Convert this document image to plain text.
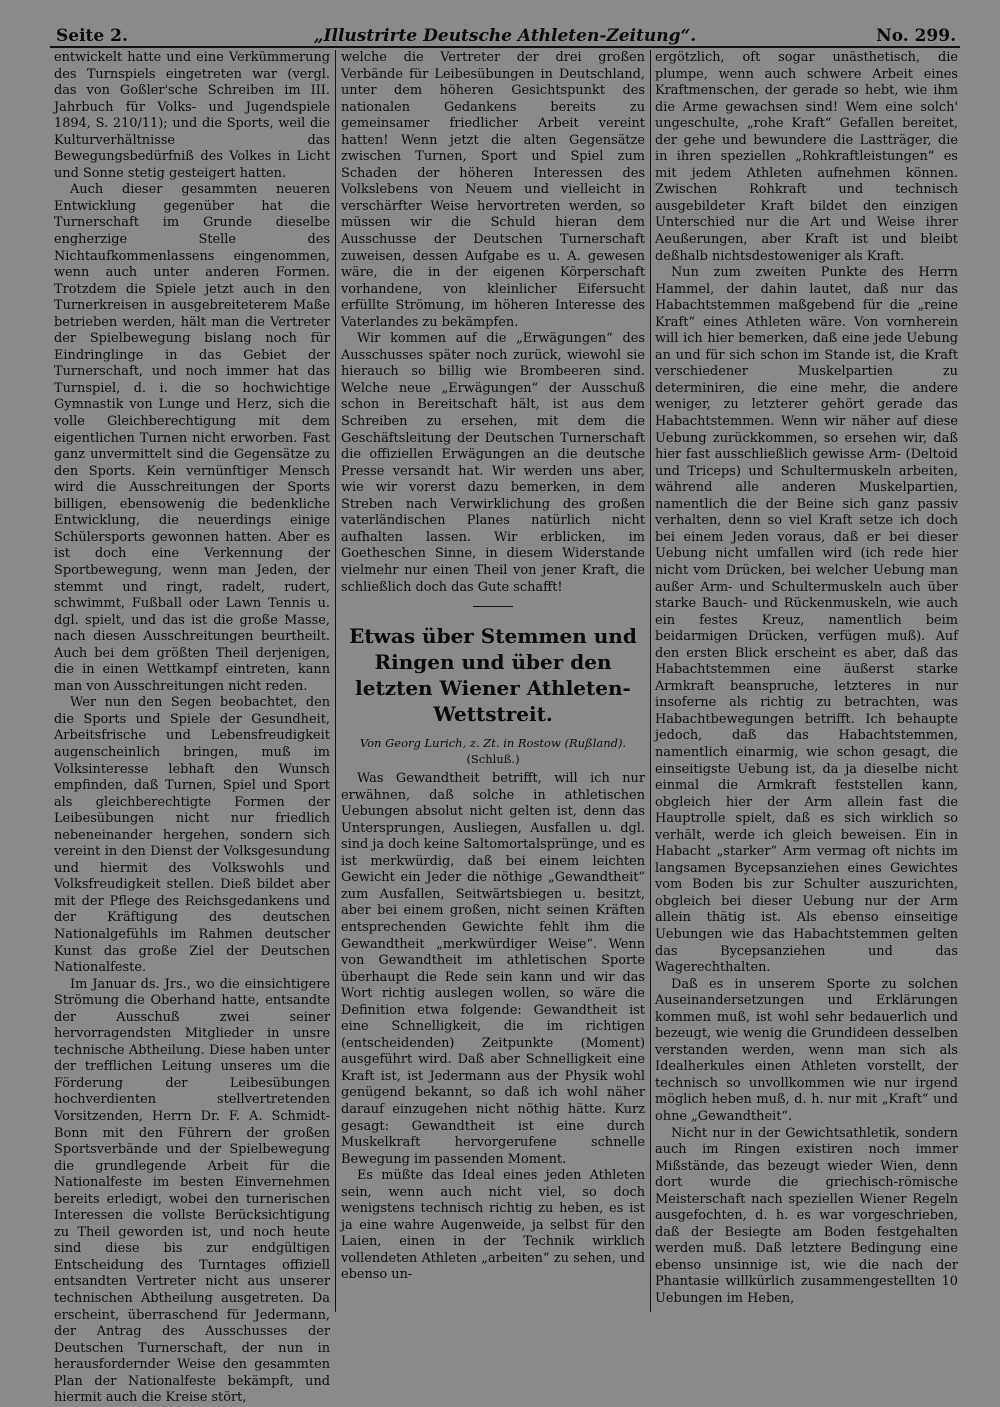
Seite 2.	„Illustrirte Deutsche Athleten-Zeitung“.	No. 299.

entwickelt hatte und eine Verkümmerung des Turnspiels eingetreten war (vergl. das von Goßler'sche Schreiben im III. Jahrbuch für Volks- und Jugendspiele 1894, S. 210/11); und die Sports, weil die Kulturverhältnisse das Bewegungsbedürfniß des Volkes in Licht und Sonne stetig gesteigert hatten.

Auch dieser gesammten neueren Entwicklung gegenüber hat die Turnerschaft im Grunde dieselbe engherzige Stelle des Nichtaufkommenlassens eingenommen, wenn auch unter anderen Formen. Trotzdem die Spiele jetzt auch in den Turnerkreisen in ausgebreiteterem Maße betrieben werden, hält man die Vertreter der Spielbewegung bislang noch für Eindringlinge in das Gebiet der Turnerschaft, und noch immer hat das Turnspiel, d. i. die so hochwichtige Gymnastik von Lunge und Herz, sich die volle Gleichberechtigung mit dem eigentlichen Turnen nicht erworben. Fast ganz unvermittelt sind die Gegensätze zu den Sports. Kein vernünftiger Mensch wird die Ausschreitungen der Sports billigen, ebensowenig die bedenkliche Entwicklung, die neuerdings einige Schülersports gewonnen hatten. Aber es ist doch eine Verkennung der Sportbewegung, wenn man Jeden, der stemmt und ringt, radelt, rudert, schwimmt, Fußball oder Lawn Tennis u. dgl. spielt, und das ist die große Masse, nach diesen Ausschreitungen beurtheilt. Auch bei dem größten Theil derjenigen, die in einen Wettkampf eintreten, kann man von Ausschreitungen nicht reden.

Wer nun den Segen beobachtet, den die Sports und Spiele der Gesundheit, Arbeitsfrische und Lebensfreudigkeit augenscheinlich bringen, muß im Volksinteresse lebhaft den Wunsch empfinden, daß Turnen, Spiel und Sport als gleichberechtigte Formen der Leibesübungen nicht nur friedlich nebeneinander hergehen, sondern sich vereint in den Dienst der Volksgesundung und hiermit des Volkswohls und Volksfreudigkeit stellen. Dieß bildet aber mit der Pflege des Reichsgedankens und der Kräftigung des deutschen Nationalgefühls im Rahmen deutscher Kunst das große Ziel der Deutschen Nationalfeste.

Im Januar ds. Jrs., wo die einsichtigere Strömung die Oberhand hatte, entsandte der Ausschuß zwei seiner hervorragendsten Mitglieder in unsre technische Abtheilung. Diese haben unter der trefflichen Leitung unseres um die Förderung der Leibesübungen hochverdienten stellvertretenden Vorsitzenden, Herrn Dr. F. A. Schmidt-Bonn mit den Führern der großen Sportsverbände und der Spielbewegung die grundlegende Arbeit für die Nationalfeste im besten Einvernehmen bereits erledigt, wobei den turnerischen Interessen die vollste Berücksichtigung zu Theil geworden ist, und noch heute sind diese bis zur endgültigen Entscheidung des Turntages offiziell entsandten Vertreter nicht aus unserer technischen Abtheilung ausgetreten. Da erscheint, überraschend für Jedermann, der Antrag des Ausschusses der Deutschen Turnerschaft, der nun in herausfordernder Weise den gesammten Plan der Nationalfeste bekämpft, und hiermit auch die Kreise stört,

welche die Vertreter der drei großen Verbände für Leibesübungen in Deutschland, unter dem höheren Gesichtspunkt des nationalen Gedankens bereits zu gemeinsamer friedlicher Arbeit vereint hatten! Wenn jetzt die alten Gegensätze zwischen Turnen, Sport und Spiel zum Schaden der höheren Interessen des Volkslebens von Neuem und vielleicht in verschärfter Weise hervortreten werden, so müssen wir die Schuld hieran dem Ausschusse der Deutschen Turnerschaft zuweisen, dessen Aufgabe es u. A. gewesen wäre, die in der eigenen Körperschaft vorhandene, von kleinlicher Eifersucht erfüllte Strömung, im höheren Interesse des Vaterlandes zu bekämpfen.

Wir kommen auf die „Erwägungen“ des Ausschusses später noch zurück, wiewohl sie hierauch so billig wie Brombeeren sind. Welche neue „Erwägungen“ der Ausschuß schon in Bereitschaft hält, ist aus dem Schreiben zu ersehen, mit dem die Geschäftsleitung der Deutschen Turnerschaft die offiziellen Erwägungen an die deutsche Presse versandt hat. Wir werden uns aber, wie wir vorerst dazu bemerken, in dem Streben nach Verwirklichung des großen vaterländischen Planes natürlich nicht aufhalten lassen. Wir erblicken, im Goetheschen Sinne, in diesem Widerstande vielmehr nur einen Theil von jener Kraft, die schließlich doch das Gute schafft!

Etwas über Stemmen und Ringen und über den letzten Wiener Athleten-Wettstreit.
Von Georg Lurich, z. Zt. in Rostow (Rußland).
(Schluß.)

Was Gewandtheit betrifft, will ich nur erwähnen, daß solche in athletischen Uebungen absolut nicht gelten ist, denn das Untersprungen, Ausliegen, Ausfallen u. dgl. sind ja doch keine Saltomortalsprünge, und es ist merkwürdig, daß bei einem leichten Gewicht ein Jeder die nöthige „Gewandtheit“ zum Ausfallen, Seitwärtsbiegen u. besitzt, aber bei einem großen, nicht seinen Kräften entsprechenden Gewichte fehlt ihm die Gewandtheit „merkwürdiger Weise“. Wenn von Gewandtheit im athletischen Sporte überhaupt die Rede sein kann und wir das Wort richtig auslegen wollen, so wäre die Definition etwa folgende: Gewandtheit ist eine Schnelligkeit, die im richtigen (entscheidenden) Zeitpunkte (Moment) ausgeführt wird. Daß aber Schnelligkeit eine Kraft ist, ist Jedermann aus der Physik wohl genügend bekannt, so daß ich wohl näher darauf einzugehen nicht nöthig hätte. Kurz gesagt: Gewandtheit ist eine durch Muskelkraft hervorgerufene schnelle Bewegung im passenden Moment.

Es müßte das Ideal eines jeden Athleten sein, wenn auch nicht viel, so doch wenigstens technisch richtig zu heben, es ist ja eine wahre Augenweide, ja selbst für den Laien, einen in der Technik wirklich vollendeten Athleten „arbeiten“ zu sehen, und ebenso un-

ergötzlich, oft sogar unästhetisch, die plumpe, wenn auch schwere Arbeit eines Kraftmenschen, der gerade so hebt, wie ihm die Arme gewachsen sind! Wem eine solch' ungeschulte, „rohe Kraft“ Gefallen bereitet, der gehe und bewundere die Lastträger, die in ihren speziellen „Rohkraftleistungen“ es mit jedem Athleten aufnehmen können. Zwischen Rohkraft und technisch ausgebildeter Kraft bildet den einzigen Unterschied nur die Art und Weise ihrer Aeußerungen, aber Kraft ist und bleibt deßhalb nichtsdestoweniger als Kraft.

Nun zum zweiten Punkte des Herrn Hammel, der dahin lautet, daß nur das Habachtstemmen maßgebend für die „reine Kraft“ eines Athleten wäre. Von vornherein will ich hier bemerken, daß eine jede Uebung an und für sich schon im Stande ist, die Kraft verschiedener Muskelpartien zu determiniren, die eine mehr, die andere weniger, zu letzterer gehört gerade das Habachtstemmen. Wenn wir näher auf diese Uebung zurückkommen, so ersehen wir, daß hier fast ausschließlich gewisse Arm- (Deltoid und Triceps) und Schultermuskeln arbeiten, während alle anderen Muskelpartien, namentlich die der Beine sich ganz passiv verhalten, denn so viel Kraft setze ich doch bei einem Jeden voraus, daß er bei dieser Uebung nicht umfallen wird (ich rede hier nicht vom Drücken, bei welcher Uebung man außer Arm- und Schultermuskeln auch über starke Bauch- und Rückenmuskeln, wie auch ein festes Kreuz, namentlich beim beidarmigen Drücken, verfügen muß). Auf den ersten Blick erscheint es aber, daß das Habachtstemmen eine äußerst starke Armkraft beanspruche, letzteres in nur insoferne als richtig zu betrachten, was Habachtbewegungen betrifft. Ich behaupte jedoch, daß das Habachtstemmen, namentlich einarmig, wie schon gesagt, die einseitigste Uebung ist, da ja dieselbe nicht einmal die Armkraft feststellen kann, obgleich hier der Arm allein fast die Hauptrolle spielt, daß es sich wirklich so verhält, werde ich gleich beweisen. Ein in Habacht „starker“ Arm vermag oft nichts im langsamen Bycepsanziehen eines Gewichtes vom Boden bis zur Schulter auszurichten, obgleich bei dieser Uebung nur der Arm allein thätig ist. Als ebenso einseitige Uebungen wie das Habachtstemmen gelten das Bycepsanziehen und das Wagerechthalten.

Daß es in unserem Sporte zu solchen Auseinandersetzungen und Erklärungen kommen muß, ist wohl sehr bedauerlich und bezeugt, wie wenig die Grundideen desselben verstanden werden, wenn man sich als Idealherkules einen Athleten vorstellt, der technisch so unvollkommen wie nur irgend möglich heben muß, d. h. nur mit „Kraft“ und ohne „Gewandtheit“.

Nicht nur in der Gewichtsathletik, sondern auch im Ringen existiren noch immer Mißstände, das bezeugt wieder Wien, denn dort wurde die griechisch-römische Meisterschaft nach speziellen Wiener Regeln ausgefochten, d. h. es war vorgeschrieben, daß der Besiegte am Boden festgehalten werden muß. Daß letztere Bedingung eine ebenso unsinnige ist, wie die nach der Phantasie willkürlich zusammengestellten 10 Uebungen im Heben,
